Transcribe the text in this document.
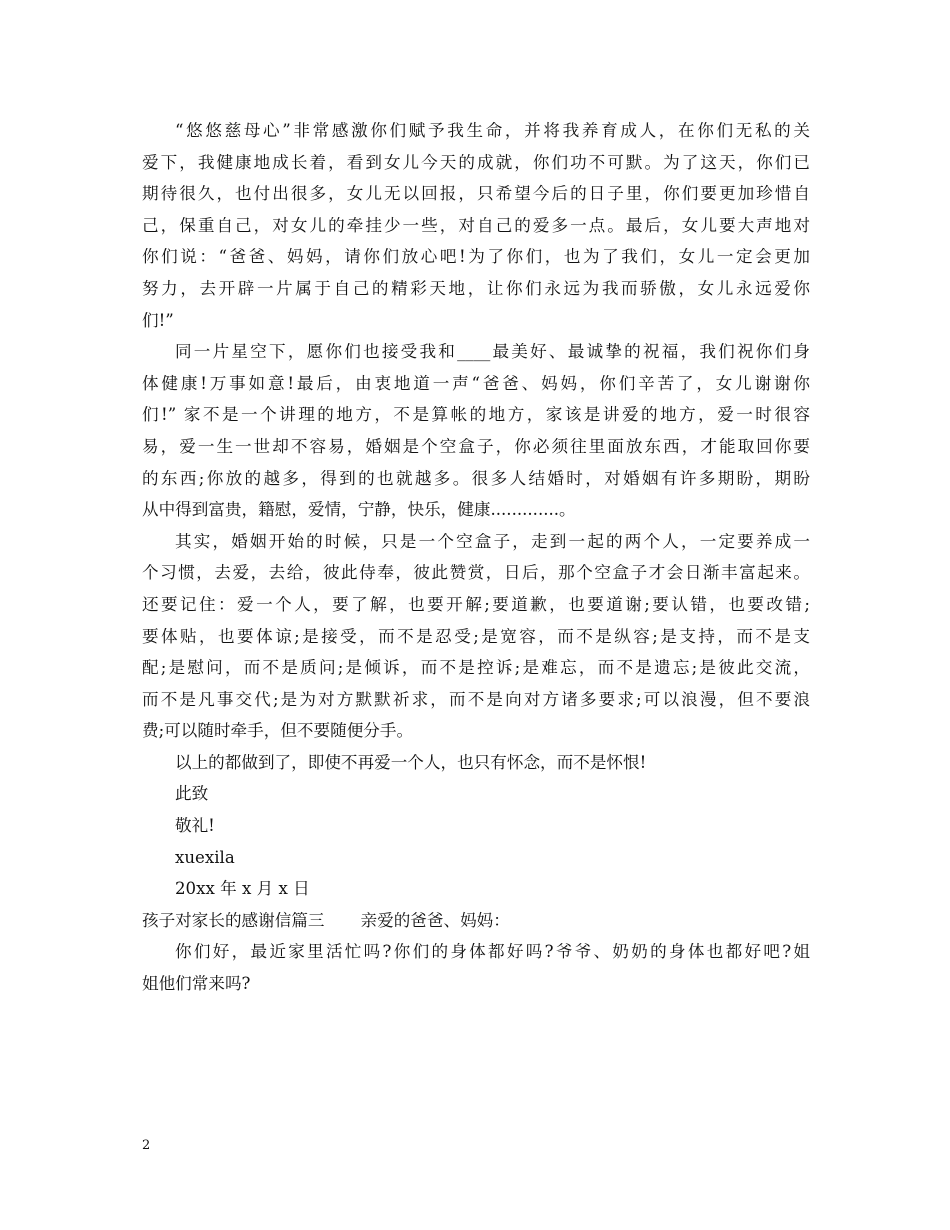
“悠悠慈母心”非常感激你们赋予我生命，并将我养育成人，在你们无私的关
爱下，我健康地成长着，看到女儿今天的成就，你们功不可默。为了这天，你们已
期待很久，也付出很多，女儿无以回报，只希望今后的日子里，你们要更加珍惜自
己，保重自己，对女儿的牵挂少一些，对自己的爱多一点。最后，女儿要大声地对
你们说：“爸爸、妈妈，请你们放心吧!为了你们，也为了我们，女儿一定会更加
努力，去开辟一片属于自己的精彩天地，让你们永远为我而骄傲，女儿永远爱你
们!”
同一片星空下，愿你们也接受我和____最美好、最诚挚的祝福，我们祝你们身
体健康!万事如意!最后，由衷地道一声“爸爸、妈妈，你们辛苦了，女儿谢谢你
们!” 家不是一个讲理的地方，不是算帐的地方，家该是讲爱的地方，爱一时很容
易，爱一生一世却不容易，婚姻是个空盒子，你必须往里面放东西，才能取回你要
的东西;你放的越多，得到的也就越多。很多人结婚时，对婚姻有许多期盼，期盼
从中得到富贵，籍慰，爱情，宁静，快乐，健康.............。
其实，婚姻开始的时候，只是一个空盒子，走到一起的两个人，一定要养成一
个习惯，去爱，去给，彼此侍奉，彼此赞赏，日后，那个空盒子才会日渐丰富起来。
还要记住：爱一个人，要了解，也要开解;要道歉，也要道谢;要认错，也要改错;
要体贴，也要体谅;是接受，而不是忍受;是宽容，而不是纵容;是支持，而不是支
配;是慰问，而不是质问;是倾诉，而不是控诉;是难忘，而不是遗忘;是彼此交流，
而不是凡事交代;是为对方默默祈求，而不是向对方诸多要求;可以浪漫，但不要浪
费;可以随时牵手，但不要随便分手。
以上的都做到了，即使不再爱一个人，也只有怀念，而不是怀恨!
此致
敬礼!
xuexila
20xx 年 x 月 x 日
孩子对家长的感谢信篇三 亲爱的爸爸、妈妈：
你们好，最近家里活忙吗?你们的身体都好吗?爷爷、奶奶的身体也都好吧?姐
姐他们常来吗?
2
